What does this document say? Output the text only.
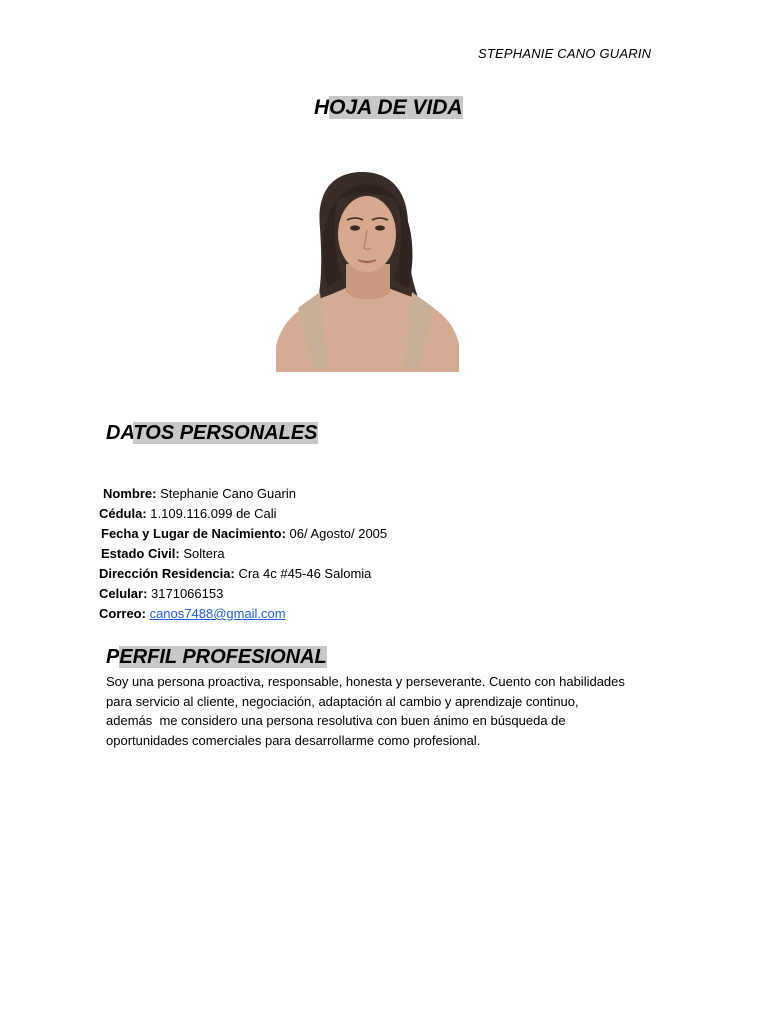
STEPHANIE CANO GUARIN
HOJA DE VIDA
DATOS PERSONALES
Nombre: Stephanie Cano Guarin
Cédula: 1.109.116.099 de Cali
Fecha y Lugar de Nacimiento: 06/ Agosto/ 2005
Estado Civil: Soltera
Dirección Residencia: Cra 4c #45-46 Salomia
Celular: 3171066153
Correo: canos7488@gmail.com
PERFIL PROFESIONAL
Soy una persona proactiva, responsable, honesta y perseverante. Cuento con habilidades
para servicio al cliente, negociación, adaptación al cambio y aprendizaje continuo,
además  me considero una persona resolutiva con buen ánimo en búsqueda de
oportunidades comerciales para desarrollarme como profesional.
